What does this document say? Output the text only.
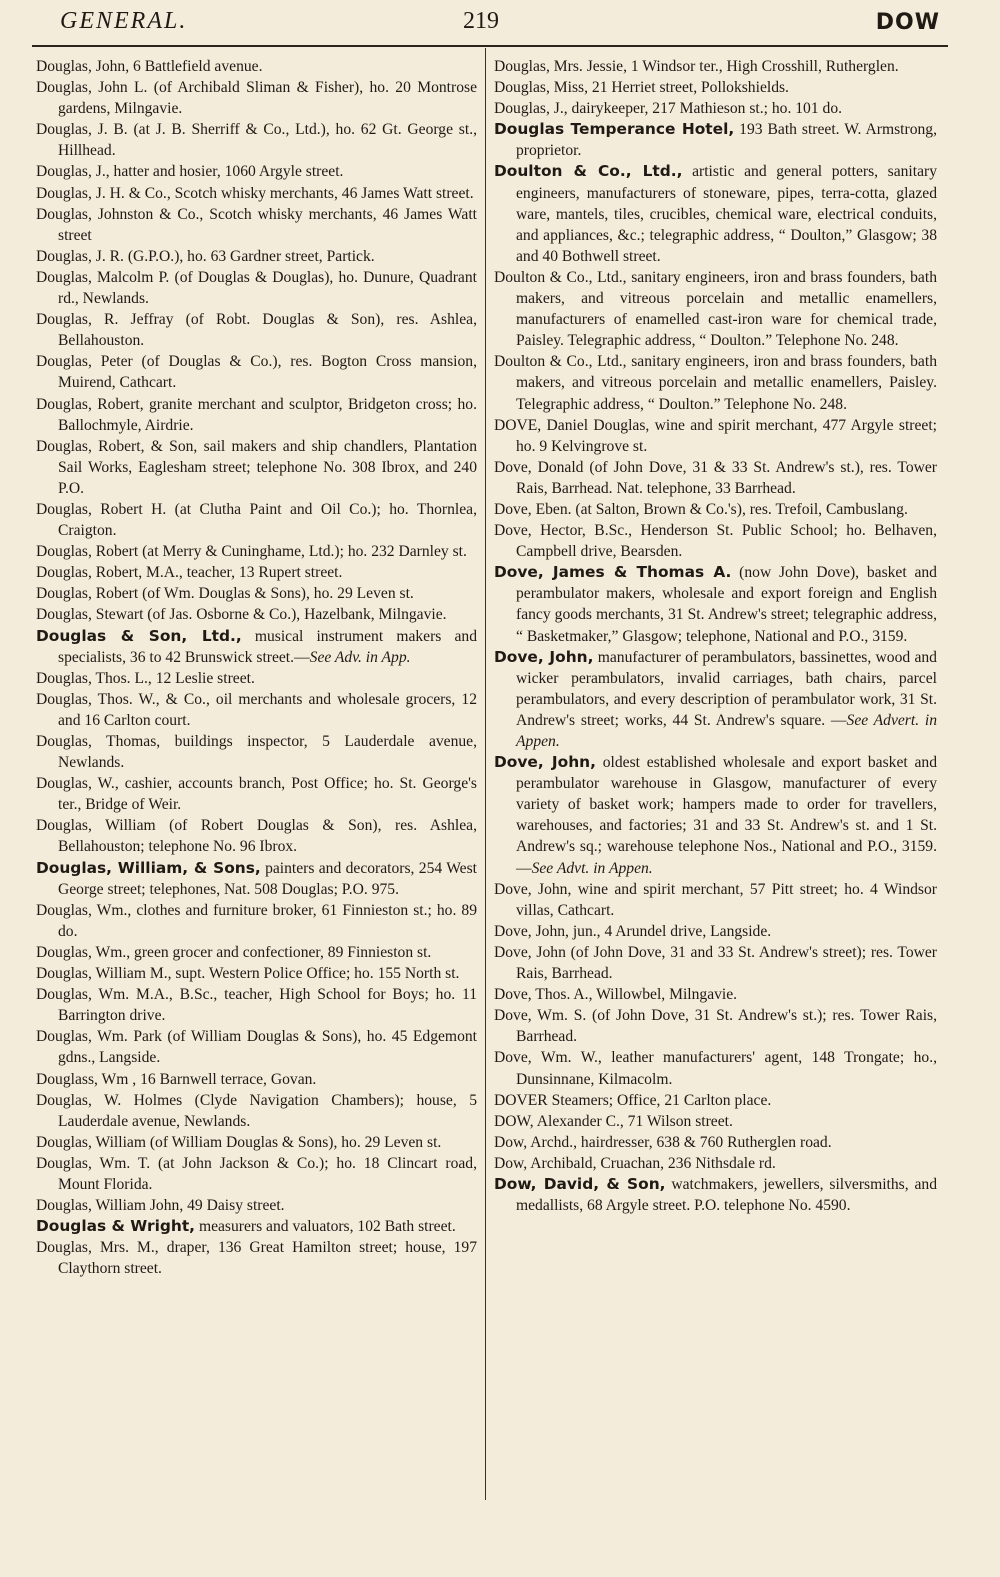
GENERAL.	219	DOW

Douglas, John, 6 Battlefield avenue.

Douglas, John L. (of Archibald Sliman & Fisher), ho. 20 Montrose gardens, Milngavie.

Douglas, J. B. (at J. B. Sherriff & Co., Ltd.), ho. 62 Gt. George st., Hillhead.

Douglas, J., hatter and hosier, 1060 Argyle street.

Douglas, J. H. & Co., Scotch whisky merchants, 46 James Watt street.

Douglas, Johnston & Co., Scotch whisky merchants, 46 James Watt street

Douglas, J. R. (G.P.O.), ho. 63 Gardner street, Partick.

Douglas, Malcolm P. (of Douglas & Douglas), ho. Dunure, Quadrant rd., Newlands.

Douglas, R. Jeffray (of Robt. Douglas & Son), res. Ashlea, Bellahouston.

Douglas, Peter (of Douglas & Co.), res. Bogton Cross mansion, Muirend, Cathcart.

Douglas, Robert, granite merchant and sculptor, Bridgeton cross; ho. Ballochmyle, Airdrie.

Douglas, Robert, & Son, sail makers and ship chandlers, Plantation Sail Works, Eaglesham street; telephone No. 308 Ibrox, and 240 P.O.

Douglas, Robert H. (at Clutha Paint and Oil Co.); ho. Thornlea, Craigton.

Douglas, Robert (at Merry & Cuninghame, Ltd.); ho. 232 Darnley st.

Douglas, Robert, M.A., teacher, 13 Rupert street.

Douglas, Robert (of Wm. Douglas & Sons), ho. 29 Leven st.

Douglas, Stewart (of Jas. Osborne & Co.), Hazelbank, Milngavie.

Douglas & Son, Ltd., musical instrument makers and specialists, 36 to 42 Brunswick street.—See Adv. in App.

Douglas, Thos. L., 12 Leslie street.

Douglas, Thos. W., & Co., oil merchants and wholesale grocers, 12 and 16 Carlton court.

Douglas, Thomas, buildings inspector, 5 Lauderdale avenue, Newlands.

Douglas, W., cashier, accounts branch, Post Office; ho. St. George's ter., Bridge of Weir.

Douglas, William (of Robert Douglas & Son), res. Ashlea, Bellahouston; telephone No. 96 Ibrox.

Douglas, William, & Sons, painters and decorators, 254 West George street; telephones, Nat. 508 Douglas; P.O. 975.

Douglas, Wm., clothes and furniture broker, 61 Finnieston st.; ho. 89 do.

Douglas, Wm., green grocer and confectioner, 89 Finnieston st.

Douglas, William M., supt. Western Police Office; ho. 155 North st.

Douglas, Wm. M.A., B.Sc., teacher, High School for Boys; ho. 11 Barrington drive.

Douglas, Wm. Park (of William Douglas & Sons), ho. 45 Edgemont gdns., Langside.

Douglass, Wm , 16 Barnwell terrace, Govan.

Douglas, W. Holmes (Clyde Navigation Chambers); house, 5 Lauderdale avenue, Newlands.

Douglas, William (of William Douglas & Sons), ho. 29 Leven st.

Douglas, Wm. T. (at John Jackson & Co.); ho. 18 Clincart road, Mount Florida.

Douglas, William John, 49 Daisy street.

Douglas & Wright, measurers and valuators, 102 Bath street.

Douglas, Mrs. M., draper, 136 Great Hamilton street; house, 197 Claythorn street.

Douglas, Mrs. Jessie, 1 Windsor ter., High Crosshill, Rutherglen.

Douglas, Miss, 21 Herriet street, Pollokshields.

Douglas, J., dairykeeper, 217 Mathieson st.; ho. 101 do.

Douglas Temperance Hotel, 193 Bath street. W. Armstrong, proprietor.

Doulton & Co., Ltd., artistic and general potters, sanitary engineers, manufacturers of stoneware, pipes, terra-cotta, glazed ware, mantels, tiles, crucibles, chemical ware, electrical conduits, and appliances, &c.; telegraphic address, “ Doulton,” Glasgow; 38 and 40 Bothwell street.

Doulton & Co., Ltd., sanitary engineers, iron and brass founders, bath makers, and vitreous porcelain and metallic enamellers, manufacturers of enamelled cast-iron ware for chemical trade, Paisley. Telegraphic address, “ Doulton.” Telephone No. 248.

Doulton & Co., Ltd., sanitary engineers, iron and brass founders, bath makers, and vitreous porcelain and metallic enamellers, Paisley. Telegraphic address, “ Doulton.” Telephone No. 248.

DOVE, Daniel Douglas, wine and spirit merchant, 477 Argyle street; ho. 9 Kelvingrove st.

Dove, Donald (of John Dove, 31 & 33 St. Andrew's st.), res. Tower Rais, Barrhead. Nat. telephone, 33 Barrhead.

Dove, Eben. (at Salton, Brown & Co.'s), res. Trefoil, Cambuslang.

Dove, Hector, B.Sc., Henderson St. Public School; ho. Belhaven, Campbell drive, Bearsden.

Dove, James & Thomas A. (now John Dove), basket and perambulator makers, wholesale and export foreign and English fancy goods merchants, 31 St. Andrew's street; telegraphic address, “ Basketmaker,” Glasgow; telephone, National and P.O., 3159.

Dove, John, manufacturer of perambulators, bassinettes, wood and wicker perambulators, invalid carriages, bath chairs, parcel perambulators, and every description of perambulator work, 31 St. Andrew's street; works, 44 St. Andrew's square. —See Advert. in Appen.

Dove, John, oldest established wholesale and export basket and perambulator warehouse in Glasgow, manufacturer of every variety of basket work; hampers made to order for travellers, warehouses, and factories; 31 and 33 St. Andrew's st. and 1 St. Andrew's sq.; warehouse telephone Nos., National and P.O., 3159.—See Advt. in Appen.

Dove, John, wine and spirit merchant, 57 Pitt street; ho. 4 Windsor villas, Cathcart.

Dove, John, jun., 4 Arundel drive, Langside.

Dove, John (of John Dove, 31 and 33 St. Andrew's street); res. Tower Rais, Barrhead.

Dove, Thos. A., Willowbel, Milngavie.

Dove, Wm. S. (of John Dove, 31 St. Andrew's st.); res. Tower Rais, Barrhead.

Dove, Wm. W., leather manufacturers' agent, 148 Trongate; ho., Dunsinnane, Kilmacolm.

DOVER Steamers; Office, 21 Carlton place.

DOW, Alexander C., 71 Wilson street.

Dow, Archd., hairdresser, 638 & 760 Rutherglen road.

Dow, Archibald, Cruachan, 236 Nithsdale rd.

Dow, David, & Son, watchmakers, jewellers, silversmiths, and medallists, 68 Argyle street. P.O. telephone No. 4590.
